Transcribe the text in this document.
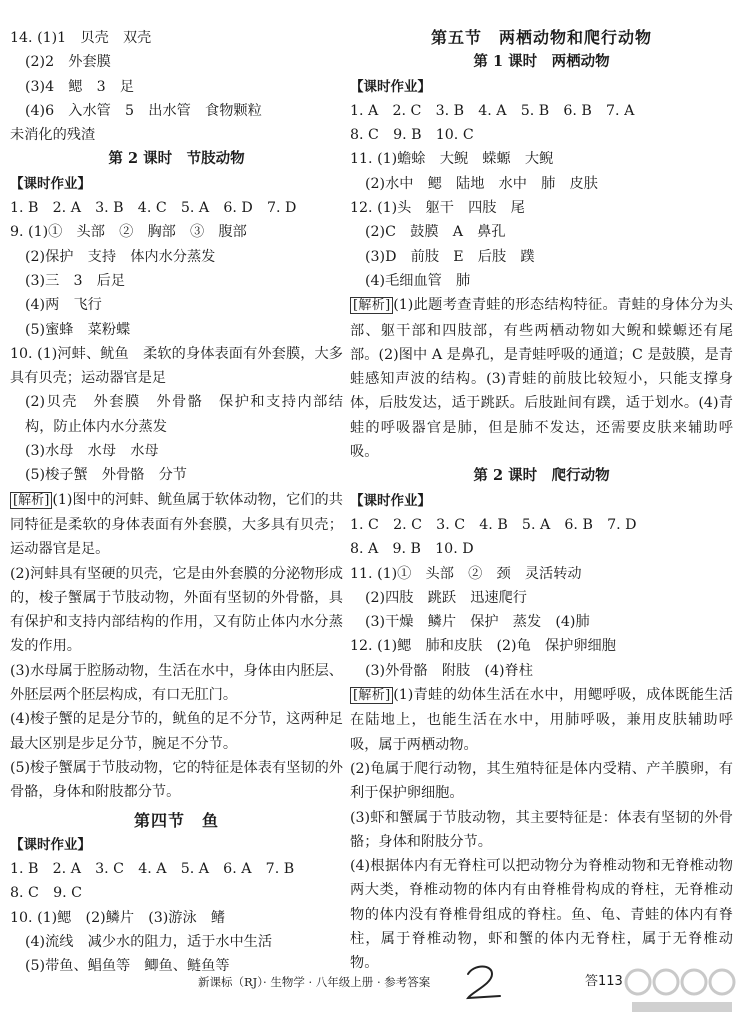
14. (1)1　贝壳　双壳
(2)2　外套膜
(3)4　鳃　3　足
(4)6　入水管　5　出水管　食物颗粒
未消化的残渣
第 2 课时　节肢动物
【课时作业】
1. B　2. A　3. B　4. C　5. A　6. D　7. D
9. (1)①　头部　②　胸部　③　腹部
(2)保护　支持　体内水分蒸发
(3)三　3　后足
(4)两　飞行
(5)蜜蜂　菜粉蝶
10. (1)河蚌、鱿鱼　柔软的身体表面有外套膜，大多具有贝壳；运动器官是足
(2)贝壳　外套膜　外骨骼　保护和支持内部结构，防止体内水分蒸发
(3)水母　水母　水母
(5)梭子蟹　外骨骼　分节
[解析] (1)图中的河蚌、鱿鱼属于软体动物，它们的共同特征是柔软的身体表面有外套膜，大多具有贝壳；运动器官是足。
(2)河蚌具有坚硬的贝壳，它是由外套膜的分泌物形成的，梭子蟹属于节肢动物，外面有坚韧的外骨骼，具有保护和支持内部结构的作用，又有防止体内水分蒸发的作用。
(3)水母属于腔肠动物，生活在水中，身体由内胚层、外胚层两个胚层构成，有口无肛门。
(4)梭子蟹的足是分节的，鱿鱼的足不分节，这两种足最大区别是步足分节，腕足不分节。
(5)梭子蟹属于节肢动物，它的特征是体表有坚韧的外骨骼，身体和附肢都分节。
第四节　鱼
【课时作业】
1. B　2. A　3. C　4. A　5. A　6. A　7. B
8. C　9. C
10. (1)鳃　(2)鳞片　(3)游泳　鳍
(4)流线　减少水的阻力，适于水中生活
(5)带鱼、鲳鱼等　鲫鱼、鲢鱼等
第五节　两栖动物和爬行动物
第 1 课时　两栖动物
【课时作业】
1. A　2. C　3. B　4. A　5. B　6. B　7. A
8. C　9. B　10. C
11. (1)蟾蜍　大鲵　蝾螈　大鲵
(2)水中　鳃　陆地　水中　肺　皮肤
12. (1)头　躯干　四肢　尾
(2)C　鼓膜　A　鼻孔
(3)D　前肢　E　后肢　蹼
(4)毛细血管　肺
[解析] (1)此题考查青蛙的形态结构特征。青蛙的身体分为头部、躯干部和四肢部，有些两栖动物如大鲵和蝾螈还有尾部。(2)图中 A 是鼻孔，是青蛙呼吸的通道；C 是鼓膜，是青蛙感知声波的结构。(3)青蛙的前肢比较短小，只能支撑身体，后肢发达，适于跳跃。后肢趾间有蹼，适于划水。(4)青蛙的呼吸器官是肺，但是肺不发达，还需要皮肤来辅助呼吸。
第 2 课时　爬行动物
【课时作业】
1. C　2. C　3. C　4. B　5. A　6. B　7. D
8. A　9. B　10. D
11. (1)①　头部　②　颈　灵活转动
(2)四肢　跳跃　迅速爬行
(3)干燥　鳞片　保护　蒸发　(4)肺
12. (1)鳃　肺和皮肤　(2)龟　保护卵细胞
(3)外骨骼　附肢　(4)脊柱
[解析] (1)青蛙的幼体生活在水中，用鳃呼吸，成体既能生活在陆地上，也能生活在水中，用肺呼吸，兼用皮肤辅助呼吸，属于两栖动物。
(2)龟属于爬行动物，其生殖特征是体内受精、产羊膜卵，有利于保护卵细胞。
(3)虾和蟹属于节肢动物，其主要特征是：体表有坚韧的外骨骼；身体和附肢分节。
(4)根据体内有无脊柱可以把动物分为脊椎动物和无脊椎动物两大类，脊椎动物的体内有由脊椎骨构成的脊柱，无脊椎动物的体内没有脊椎骨组成的脊柱。鱼、龟、青蛙的体内有脊柱，属于脊椎动物，虾和蟹的体内无脊柱，属于无脊椎动物。
新课标（RJ）· 生物学 · 八年级上册 · 参考答案	答113
